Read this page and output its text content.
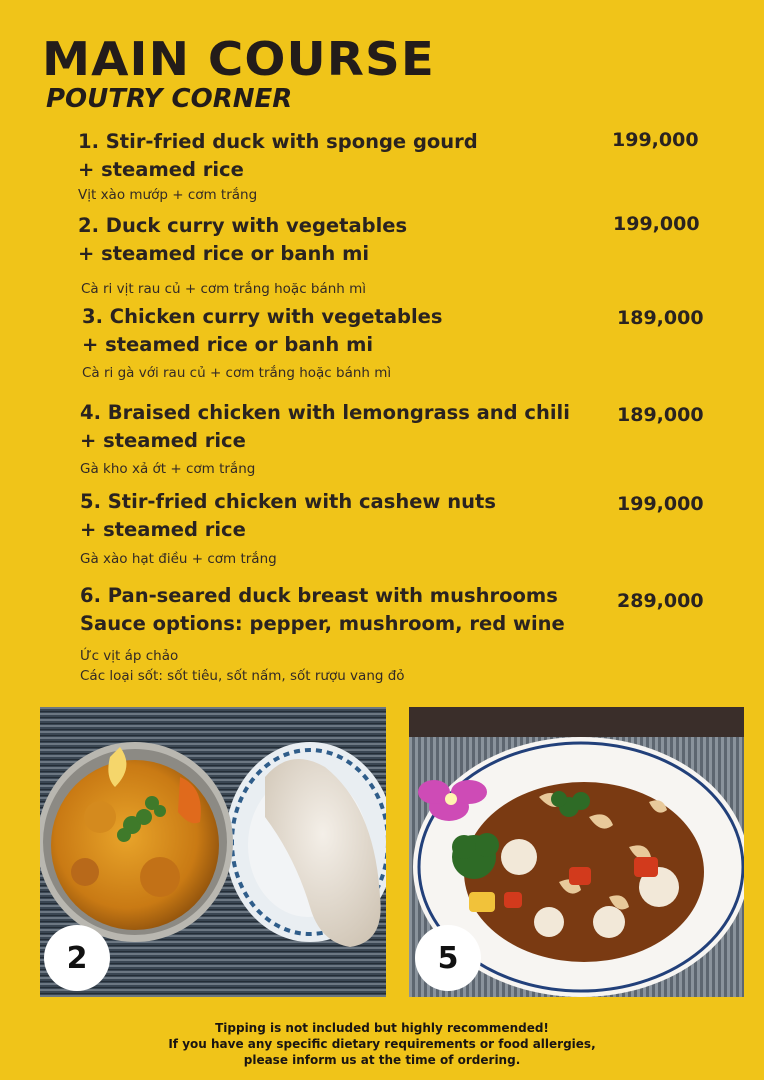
MAIN COURSE
POUTRY CORNER
1. Stir-fried duck with sponge gourd
+ steamed rice
Vịt xào mướp + cơm trắng
199,000
2. Duck curry with vegetables
+ steamed rice or banh mi
Cà ri vịt rau củ + cơm trắng hoặc bánh mì
199,000
3. Chicken curry with vegetables
+ steamed rice or banh mi
Cà ri gà với rau củ + cơm trắng hoặc bánh mì
189,000
4. Braised chicken with lemongrass and chili
+ steamed rice
Gà kho xả ớt + cơm trắng
189,000
5. Stir-fried chicken with cashew nuts
+ steamed rice
Gà xào hạt điều + cơm trắng
199,000
6. Pan-seared duck breast with mushrooms
Sauce options: pepper, mushroom, red wine
Ức vịt áp chảo
Các loại sốt: sốt tiêu, sốt nấm, sốt rượu vang đỏ
289,000
2	5
Tipping is not included but highly recommended!
If you have any specific dietary requirements or food allergies,
please inform us at the time of ordering.
